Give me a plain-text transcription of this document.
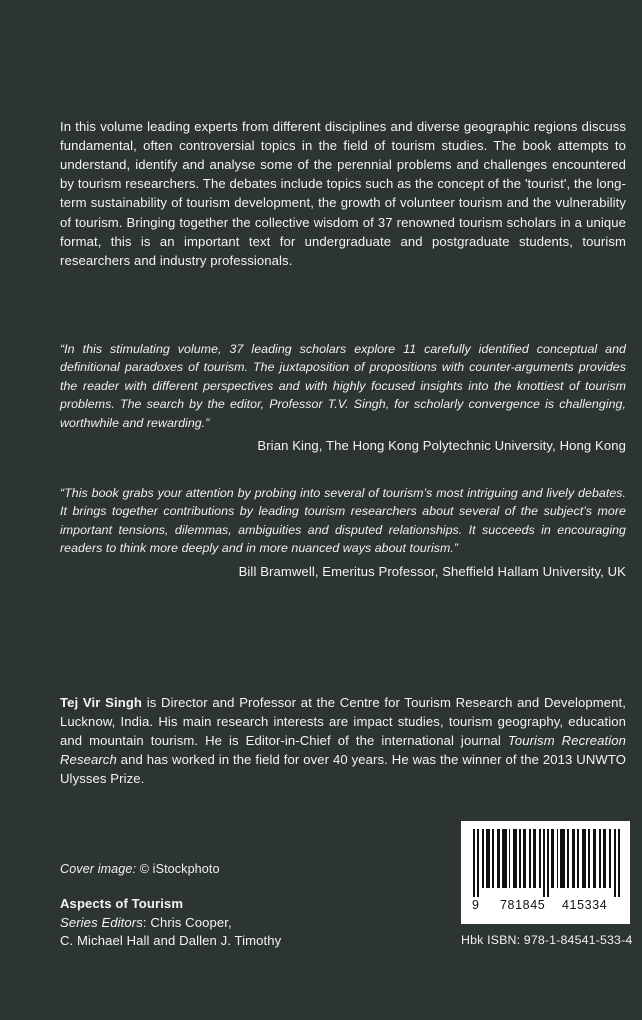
In this volume leading experts from different disciplines and diverse geographic regions discuss fundamental, often controversial topics in the field of tourism studies. The book attempts to understand, identify and analyse some of the perennial problems and challenges encountered by tourism researchers. The debates include topics such as the concept of the 'tourist', the long-term sustainability of tourism development, the growth of volunteer tourism and the vulnerability of tourism. Bringing together the collective wisdom of 37 renowned tourism scholars in a unique format, this is an important text for undergraduate and postgraduate students, tourism researchers and industry professionals.

“In this stimulating volume, 37 leading scholars explore 11 carefully identified conceptual and definitional paradoxes of tourism. The juxtaposition of propositions with counter-arguments provides the reader with different perspectives and with highly focused insights into the knottiest of tourism problems. The search by the editor, Professor T.V. Singh, for scholarly convergence is challenging, worthwhile and rewarding.”

Brian King, The Hong Kong Polytechnic University, Hong Kong

“This book grabs your attention by probing into several of tourism’s most intriguing and lively debates. It brings together contributions by leading tourism researchers about several of the subject’s more important tensions, dilemmas, ambiguities and disputed relationships. It succeeds in encouraging readers to think more deeply and in more nuanced ways about tourism.”

Bill Bramwell, Emeritus Professor, Sheffield Hallam University, UK

Tej Vir Singh is Director and Professor at the Centre for Tourism Research and Development, Lucknow, India. His main research interests are impact studies, tourism geography, education and mountain tourism. He is Editor-in-Chief of the international journal Tourism Recreation Research and has worked in the field for over 40 years. He was the winner of the 2013 UNWTO Ulysses Prize.

Cover image: © iStockphoto
Aspects of Tourism
Series Editors: Chris Cooper,
C. Michael Hall and Dallen J. Timothy
9 781845 415334
Hbk ISBN: 978-1-84541-533-4
